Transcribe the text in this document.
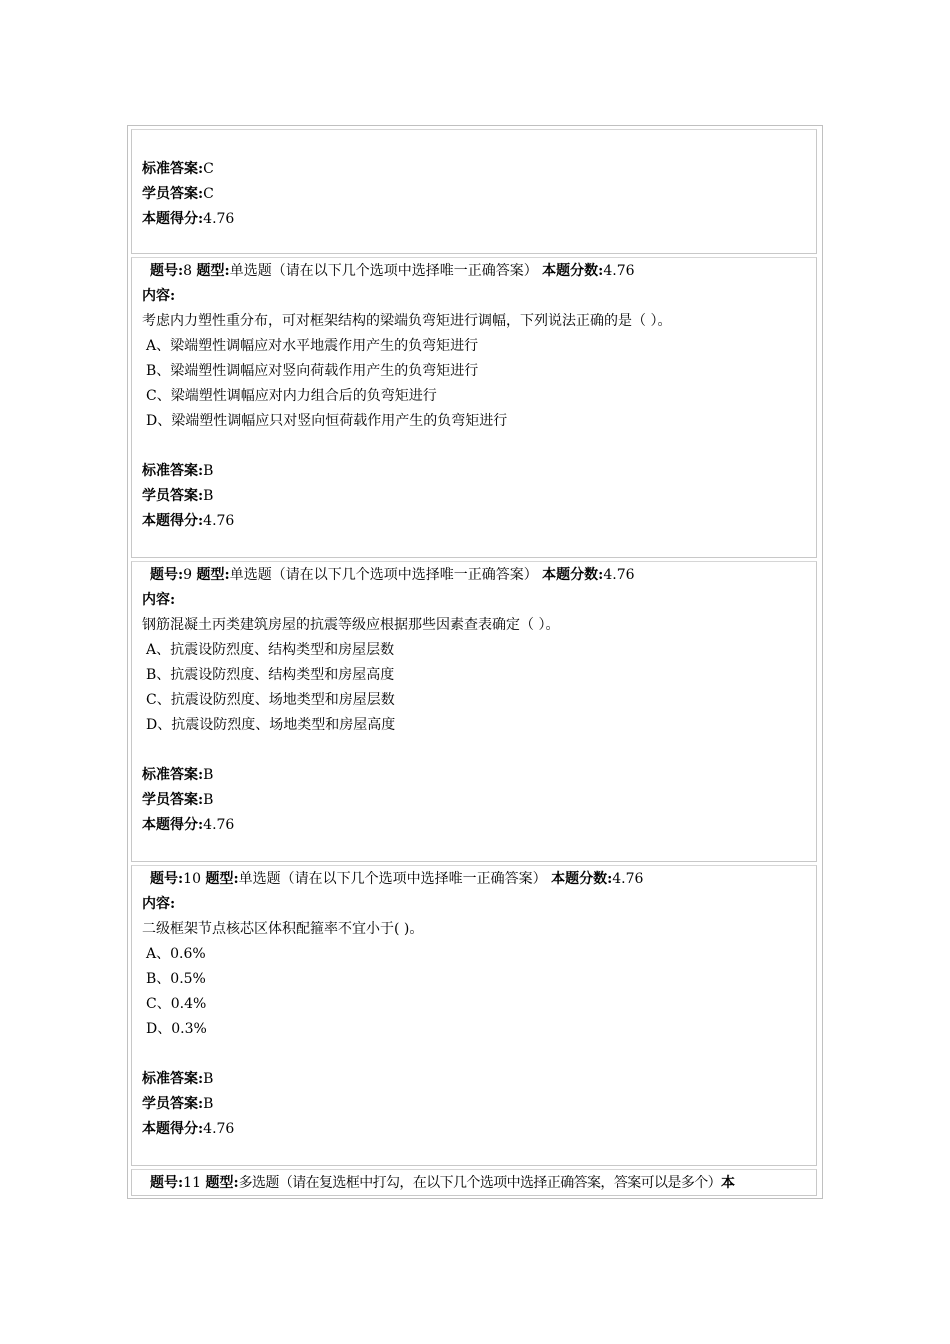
标准答案:C
学员答案:C
本题得分:4.76
题号:8 题型:单选题（请在以下几个选项中选择唯一正确答案） 本题分数:4.76
内容:
考虑内力塑性重分布，可对框架结构的梁端负弯矩进行调幅，下列说法正确的是（ ）。
A、梁端塑性调幅应对水平地震作用产生的负弯矩进行
B、梁端塑性调幅应对竖向荷载作用产生的负弯矩进行
C、梁端塑性调幅应对内力组合后的负弯矩进行
D、梁端塑性调幅应只对竖向恒荷载作用产生的负弯矩进行
标准答案:B
学员答案:B
本题得分:4.76
题号:9 题型:单选题（请在以下几个选项中选择唯一正确答案） 本题分数:4.76
内容:
钢筋混凝土丙类建筑房屋的抗震等级应根据那些因素查表确定（ ）。
A、抗震设防烈度、结构类型和房屋层数
B、抗震设防烈度、结构类型和房屋高度
C、抗震设防烈度、场地类型和房屋层数
D、抗震设防烈度、场地类型和房屋高度
标准答案:B
学员答案:B
本题得分:4.76
题号:10 题型:单选题（请在以下几个选项中选择唯一正确答案） 本题分数:4.76
内容:
二级框架节点核芯区体积配箍率不宜小于( )。
A、0.6%
B、0.5%
C、0.4%
D、0.3%
标准答案:B
学员答案:B
本题得分:4.76
题号:11 题型:多选题（请在复选框中打勾，在以下几个选项中选择正确答案，答案可以是多个）本
